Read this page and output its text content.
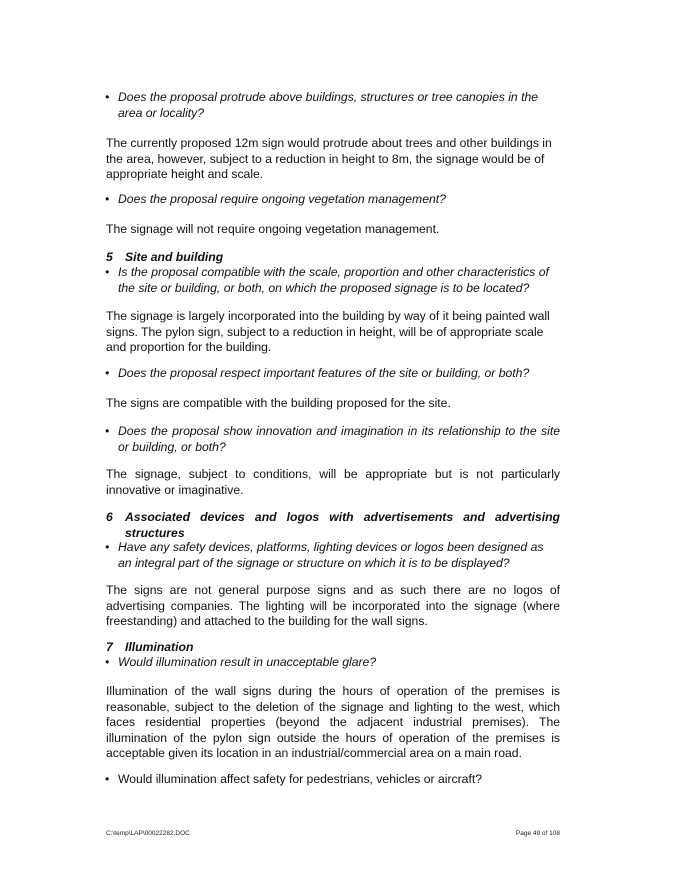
• Does the proposal protrude above buildings, structures or tree canopies in the area or locality?
The currently proposed 12m sign would protrude about trees and other buildings in the area, however, subject to a reduction in height to 8m, the signage would be of appropriate height and scale.
• Does the proposal require ongoing vegetation management?
The signage will not require ongoing vegetation management.
5 Site and building
• Is the proposal compatible with the scale, proportion and other characteristics of the site or building, or both, on which the proposed signage is to be located?
The signage is largely incorporated into the building by way of it being painted wall signs. The pylon sign, subject to a reduction in height, will be of appropriate scale and proportion for the building.
• Does the proposal respect important features of the site or building, or both?
The signs are compatible with the building proposed for the site.
• Does the proposal show innovation and imagination in its relationship to the site or building, or both?
The signage, subject to conditions, will be appropriate but is not particularly innovative or imaginative.
6	Associated devices and logos with advertisements and advertising structures
• Have any safety devices, platforms, lighting devices or logos been designed as an integral part of the signage or structure on which it is to be displayed?
The signs are not general purpose signs and as such there are no logos of advertising companies. The lighting will be incorporated into the signage (where freestanding) and attached to the building for the wall signs.
7 Illumination
• Would illumination result in unacceptable glare?
Illumination of the wall signs during the hours of operation of the premises is reasonable, subject to the deletion of the signage and lighting to the west, which faces residential properties (beyond the adjacent industrial premises). The illumination of the pylon sign outside the hours of operation of the premises is acceptable given its location in an industrial/commercial area on a main road.
• Would illumination affect safety for pedestrians, vehicles or aircraft?
C:\temp\LAP\00022282.DOC	Page 49 of 108
